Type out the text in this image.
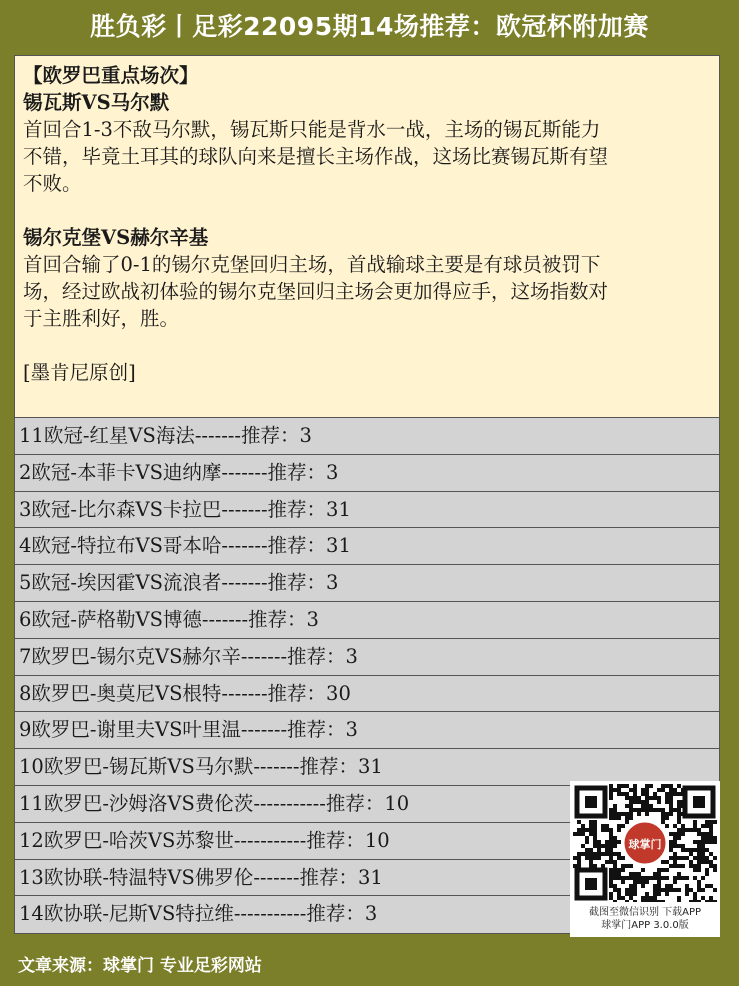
胜负彩丨足彩22095期14场推荐：欧冠杯附加赛
【欧罗巴重点场次】
锡瓦斯VS马尔默
首回合1-3不敌马尔默，锡瓦斯只能是背水一战，主场的锡瓦斯能力
不错，毕竟土耳其的球队向来是擅长主场作战，这场比赛锡瓦斯有望
不败。
锡尔克堡VS赫尔辛基
首回合输了0-1的锡尔克堡回归主场，首战输球主要是有球员被罚下
场，经过欧战初体验的锡尔克堡回归主场会更加得应手，这场指数对
于主胜利好，胜。
[墨肯尼原创]
11欧冠-红星VS海法-------推荐：3
2欧冠-本菲卡VS迪纳摩-------推荐：3
3欧冠-比尔森VS卡拉巴-------推荐：31
4欧冠-特拉布VS哥本哈-------推荐：31
5欧冠-埃因霍VS流浪者-------推荐：3
6欧冠-萨格勒VS博德-------推荐：3
7欧罗巴-锡尔克VS赫尔辛-------推荐：3
8欧罗巴-奥莫尼VS根特-------推荐：30
9欧罗巴-谢里夫VS叶里温-------推荐：3
10欧罗巴-锡瓦斯VS马尔默-------推荐：31
11欧罗巴-沙姆洛VS费伦茨-----------推荐：10
12欧罗巴-哈茨VS苏黎世-----------推荐：10
13欧协联-特温特VS佛罗伦-------推荐：31
14欧协联-尼斯VS特拉维-----------推荐：3
球掌门
截图至微信识别 下载APP
球掌门APP 3.0.0版
文章来源：球掌门 专业足彩网站
